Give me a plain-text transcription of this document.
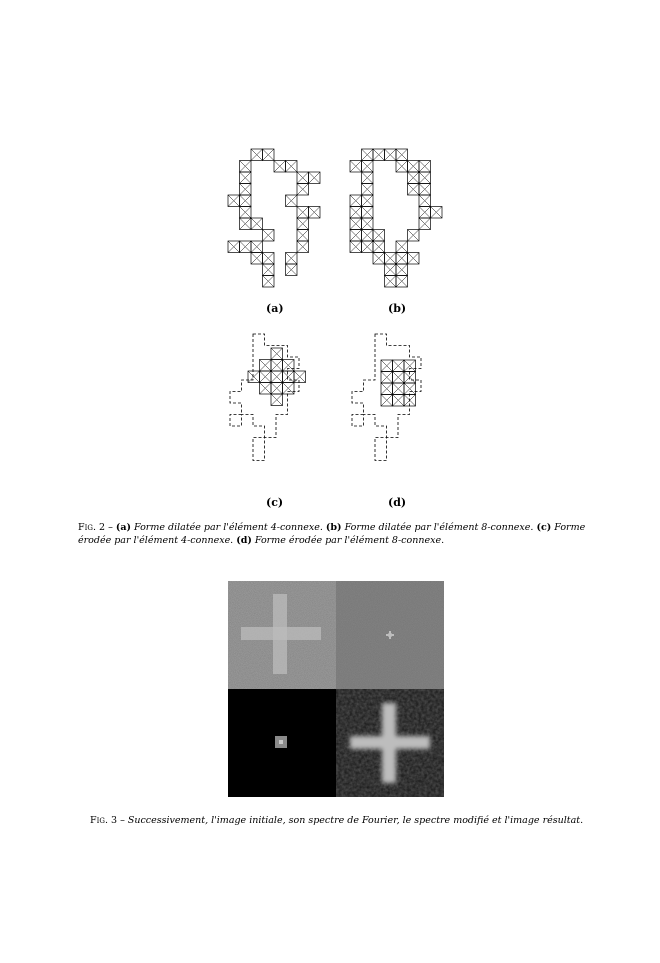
(a)	(b)
(c)	(d)
Fig. 2 – (a) Forme dilatée par l'élément 4-connexe. (b) Forme dilatée par l'élément 8-connexe. (c) Forme érodée par l'élément 4-connexe. (d) Forme érodée par l'élément 8-connexe.
Fig. 3 – Successivement, l'image initiale, son spectre de Fourier, le spectre modifié et l'image résultat.
